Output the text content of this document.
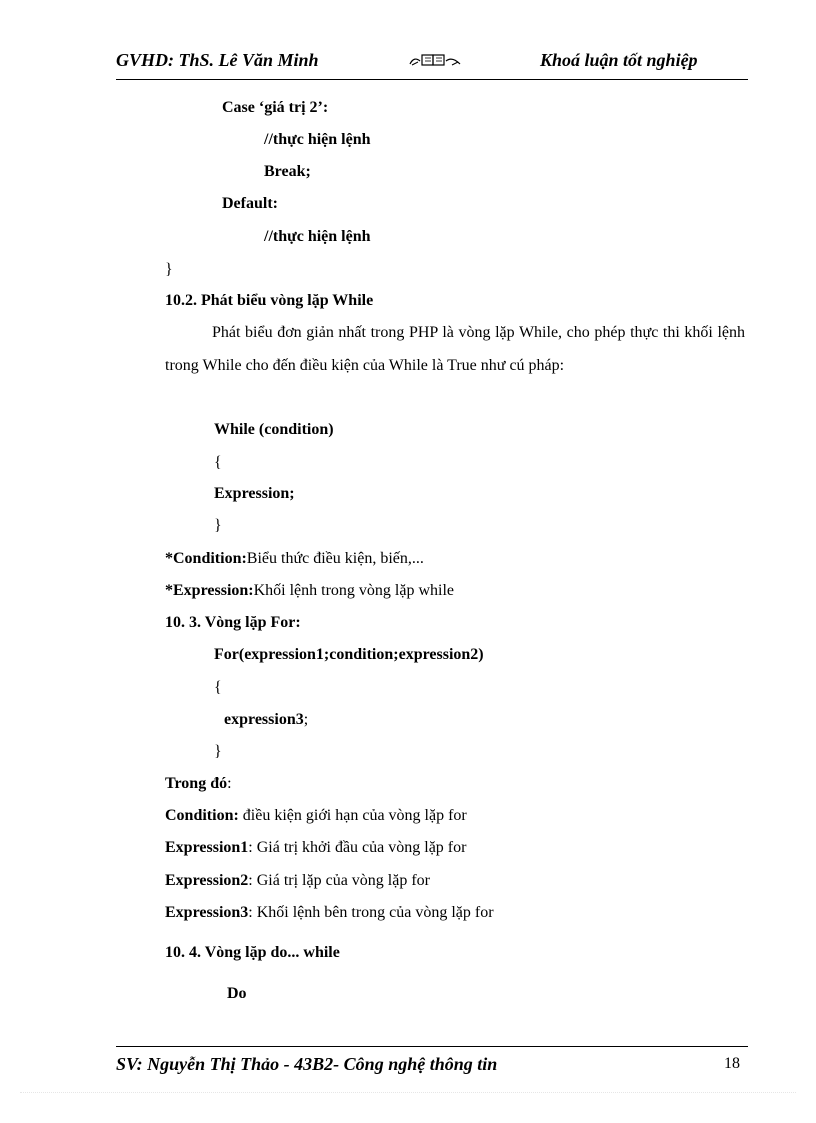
GVHD: ThS. Lê Văn Minh	Khoá luận tốt nghiệp
Case ‘giá trị 2’:
//thực hiện lệnh
Break;
Default:
//thực hiện lệnh
}
10.2. Phát biểu vòng lặp While
Phát biểu đơn giản nhất trong PHP là vòng lặp While, cho phép thực thi khối lệnh trong While cho đến điều kiện của While là True như cú pháp:
While (condition)
{
Expression;
}
*Condition:Biểu thức điều kiện, biến,...
*Expression:Khối lệnh trong vòng lặp while
10. 3. Vòng lặp For:
For(expression1;condition;expression2)
{
expression3;
}
Trong đó:
Condition: điều kiện giới hạn của vòng lặp for
Expression1: Giá trị khởi đầu của vòng lặp for
Expression2: Giá trị lặp của vòng lặp for
Expression3: Khối lệnh bên trong của vòng lặp for
10. 4. Vòng lặp do... while
Do
SV: Nguyễn Thị Thảo - 43B2- Công nghệ thông tin	18
